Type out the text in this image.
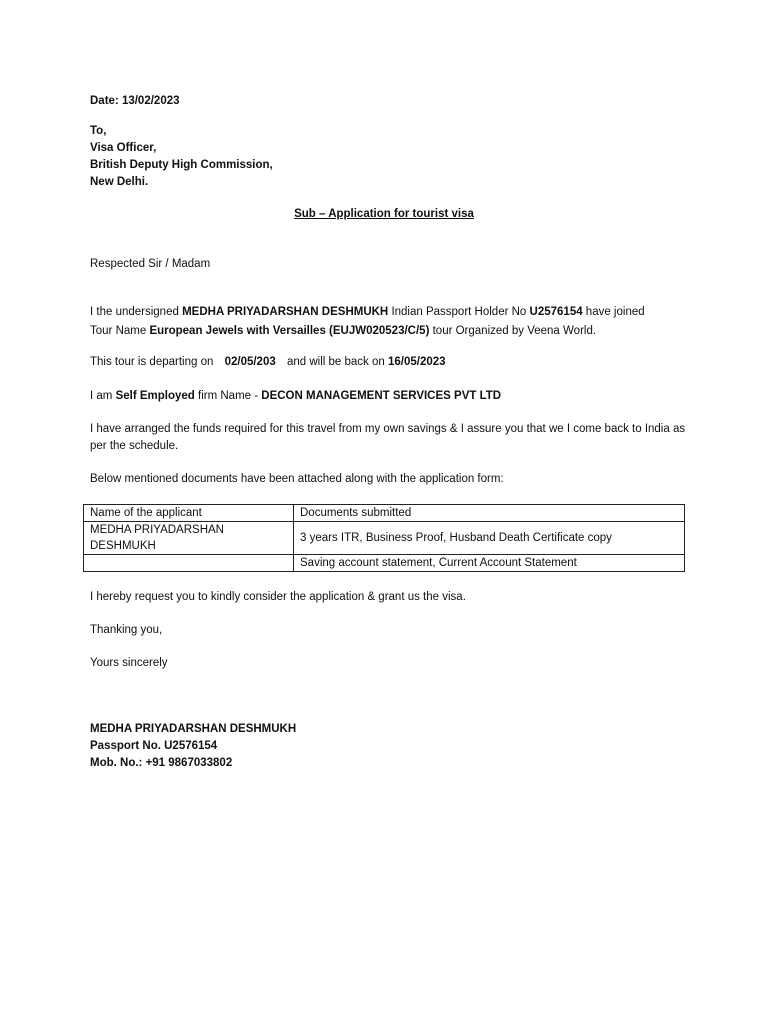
Date: 13/02/2023

To,

Visa Officer,

British Deputy High Commission,

New Delhi.

Sub – Application for tourist visa

Respected Sir / Madam

I the undersigned MEDHA PRIYADARSHAN DESHMUKH Indian Passport Holder No U2576154 have joined

Tour Name European Jewels with Versailles (EUJW020523/C/5) tour Organized by Veena World.

This tour is departing on 02/05/203 and will be back on 16/05/2023

I am Self Employed firm Name - DECON MANAGEMENT SERVICES PVT LTD

I have arranged the funds required for this travel from my own savings & I assure you that we I come back to India as per the schedule.

Below mentioned documents have been attached along with the application form:

Name of the applicant	Documents submitted
MEDHA PRIYADARSHAN DESHMUKH	3 years ITR, Business Proof, Husband Death Certificate copy
	Saving account statement, Current Account Statement

I hereby request you to kindly consider the application & grant us the visa.

Thanking you,

Yours sincerely

MEDHA PRIYADARSHAN DESHMUKH

Passport No. U2576154

Mob. No.: +91 9867033802
